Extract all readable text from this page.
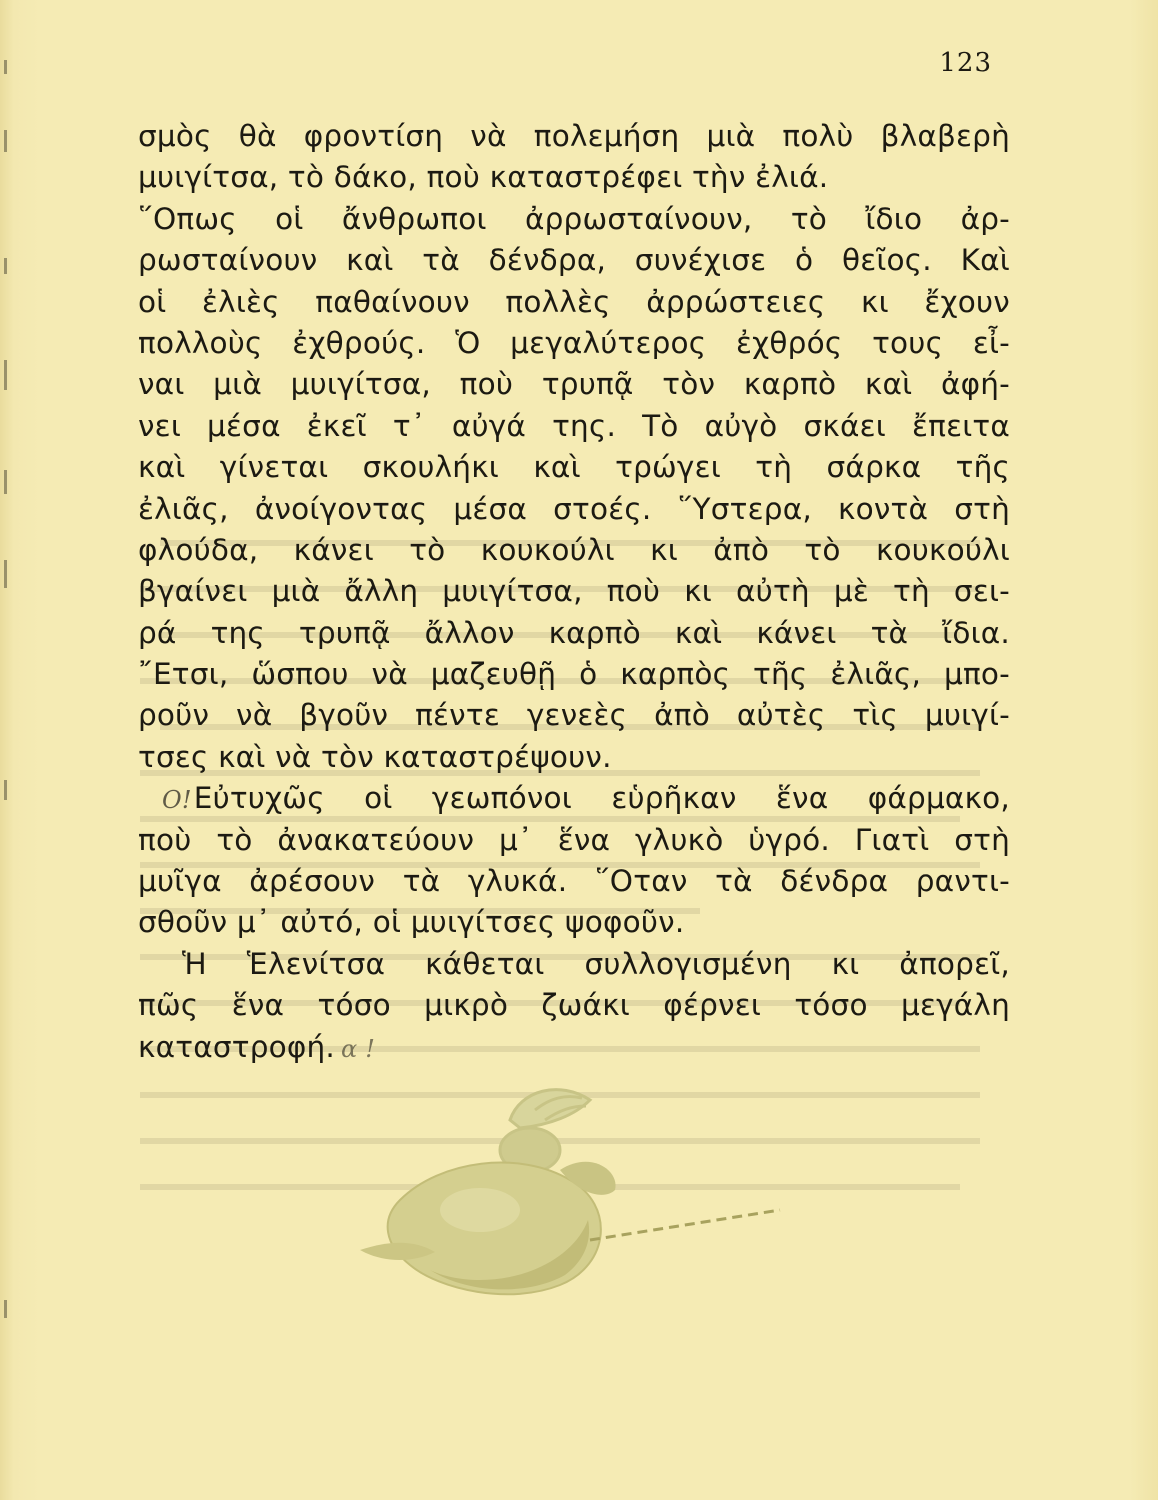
123
σμὸς θὰ φροντίση νὰ πολεμήση μιὰ πολὺ βλαβερὴ
μυιγίτσα, τὸ δάκο, ποὺ καταστρέφει τὴν ἐλιά.
῞Οπως οἱ ἄνθρωποι ἀρρωσταίνουν, τὸ ἴδιο ἀρ-
ρωσταίνουν καὶ τὰ δένδρα, συνέχισε ὁ θεῖος. Καὶ
οἱ ἐλιὲς παθαίνουν πολλὲς ἀρρώστειες κι ἔχουν
πολλοὺς ἐχθρούς. Ὁ μεγαλύτερος ἐχθρός τους εἶ-
ναι μιὰ μυιγίτσα, ποὺ τρυπᾷ τὸν καρπὸ καὶ ἀφή-
νει μέσα ἐκεῖ τ᾿ αὐγά της. Τὸ αὐγὸ σκάει ἔπειτα
καὶ γίνεται σκουλήκι καὶ τρώγει τὴ σάρκα τῆς
ἐλιᾶς, ἀνοίγοντας μέσα στοές. ῞Υστερα, κοντὰ στὴ
φλούδα, κάνει τὸ κουκούλι κι ἀπὸ τὸ κουκούλι
βγαίνει μιὰ ἄλλη μυιγίτσα, ποὺ κι αὐτὴ μὲ τὴ σει-
ρά της τρυπᾷ ἄλλον καρπὸ καὶ κάνει τὰ ἴδια.
῎Ετσι, ὥσπου νὰ μαζευθῇ ὁ καρπὸς τῆς ἐλιᾶς, μπο-
ροῦν νὰ βγοῦν πέντε γενεὲς ἀπὸ αὐτὲς τὶς μυιγί-
τσες καὶ νὰ τὸν καταστρέψουν.
Ο!Εὐτυχῶς οἱ γεωπόνοι εὑρῆκαν ἕνα φάρμακο,
ποὺ τὸ ἀνακατεύουν μ᾿ ἕνα γλυκὸ ὑγρό. Γιατὶ στὴ
μυῖγα ἀρέσουν τὰ γλυκά. ῞Οταν τὰ δένδρα ραντι-
σθοῦν μ᾿ αὐτό, οἱ μυιγίτσες ψοφοῦν.
Ἡ Ἑλενίτσα κάθεται συλλογισμένη κι ἀπορεῖ,
πῶς ἕνα τόσο μικρὸ ζωάκι φέρνει τόσο μεγάλη
καταστροφή. α !
